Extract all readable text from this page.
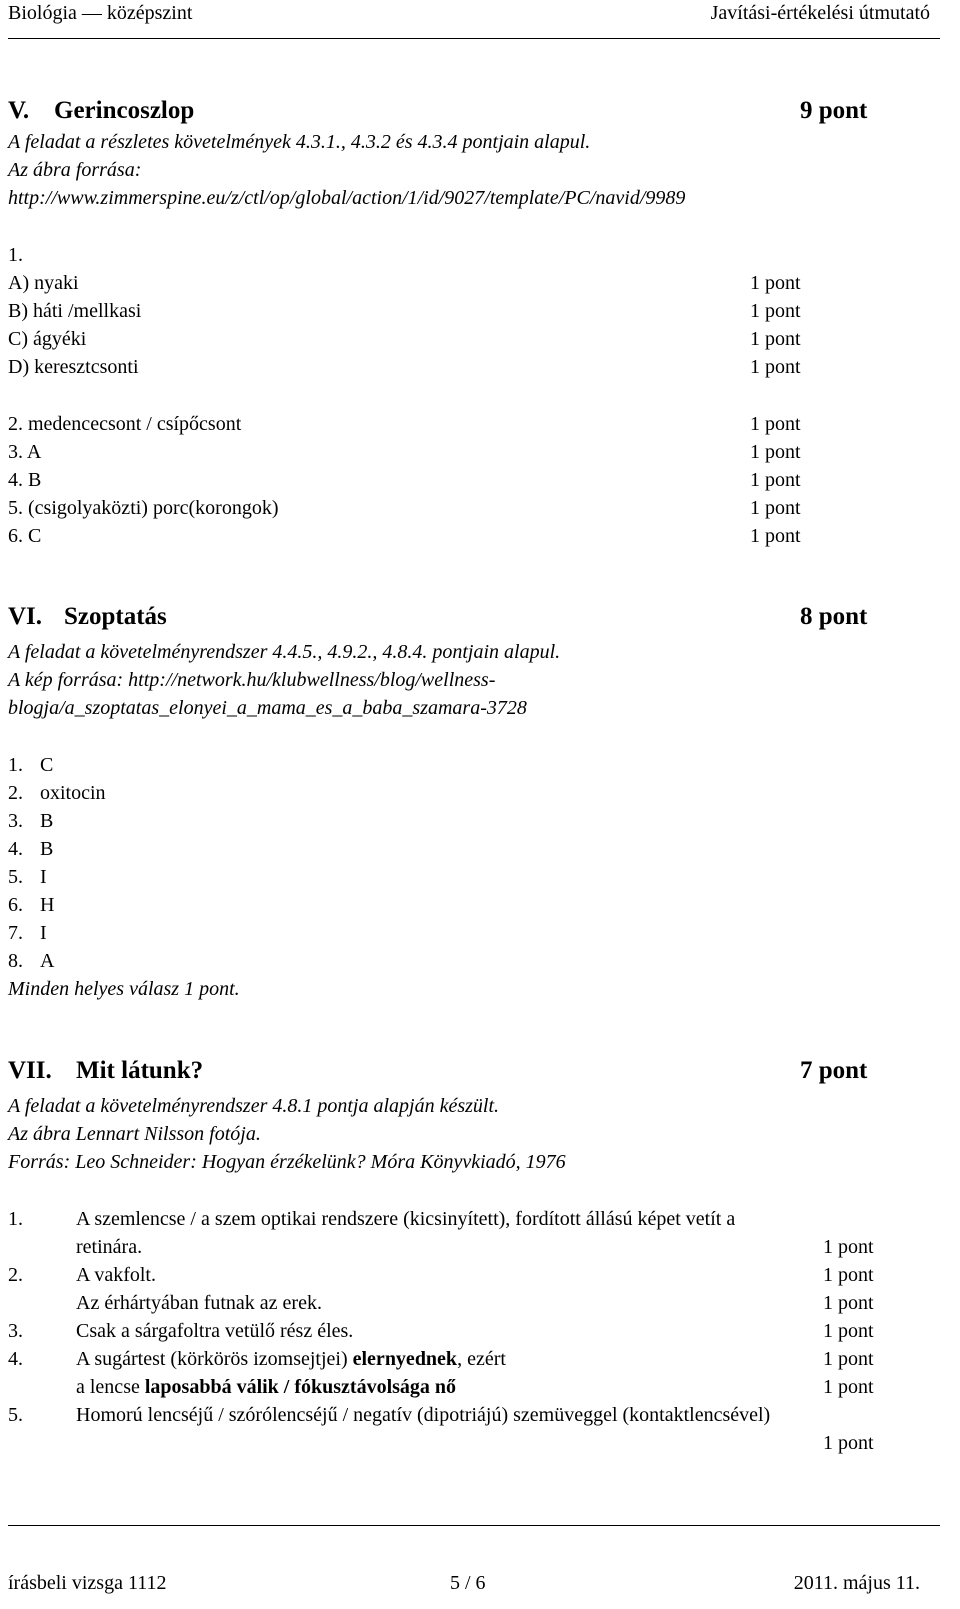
Biológia — középszint	Javítási-értékelési útmutató
V. Gerincoszlop	9 pont
A feladat a részletes követelmények 4.3.1., 4.3.2 és 4.3.4 pontjain alapul.
Az ábra forrása:
http://www.zimmerspine.eu/z/ctl/op/global/action/1/id/9027/template/PC/navid/9989
1.
A) nyaki	1 pont
B) háti /mellkasi	1 pont
C) ágyéki	1 pont
D) keresztcsonti	1 pont
2. medencecsont / csípőcsont	1 pont
3. A	1 pont
4. B	1 pont
5. (csigolyaközti) porc(korongok)	1 pont
6. C	1 pont
VI. Szoptatás	8 pont
A feladat a követelményrendszer 4.4.5., 4.9.2., 4.8.4. pontjain alapul.
A kép forrása: http://network.hu/klubwellness/blog/wellness-
blogja/a_szoptatas_elonyei_a_mama_es_a_baba_szamara-3728
1. C
2. oxitocin
3. B
4. B
5. I
6. H
7. I
8. A
Minden helyes válasz 1 pont.
VII. Mit látunk?	7 pont
A feladat a követelményrendszer 4.8.1 pontja alapján készült.
Az ábra Lennart Nilsson fotója.
Forrás: Leo Schneider: Hogyan érzékelünk? Móra Könyvkiadó, 1976
1.	A szemlencse / a szem optikai rendszere (kicsinyített), fordított állású képet vetít a
retinára.	1 pont
2.	A vakfolt.	1 pont
Az érhártyában futnak az erek.	1 pont
3.	Csak a sárgafoltra vetülő rész éles.	1 pont
4.	A sugártest (körkörös izomsejtjei) elernyednek, ezért	1 pont
a lencse laposabbá válik / fókusztávolsága nő	1 pont
5.	Homorú lencséjű / szórólencséjű / negatív (dipotriájú) szemüveggel (kontaktlencsével)
1 pont
írásbeli vizsga 1112	5 / 6	2011. május 11.
